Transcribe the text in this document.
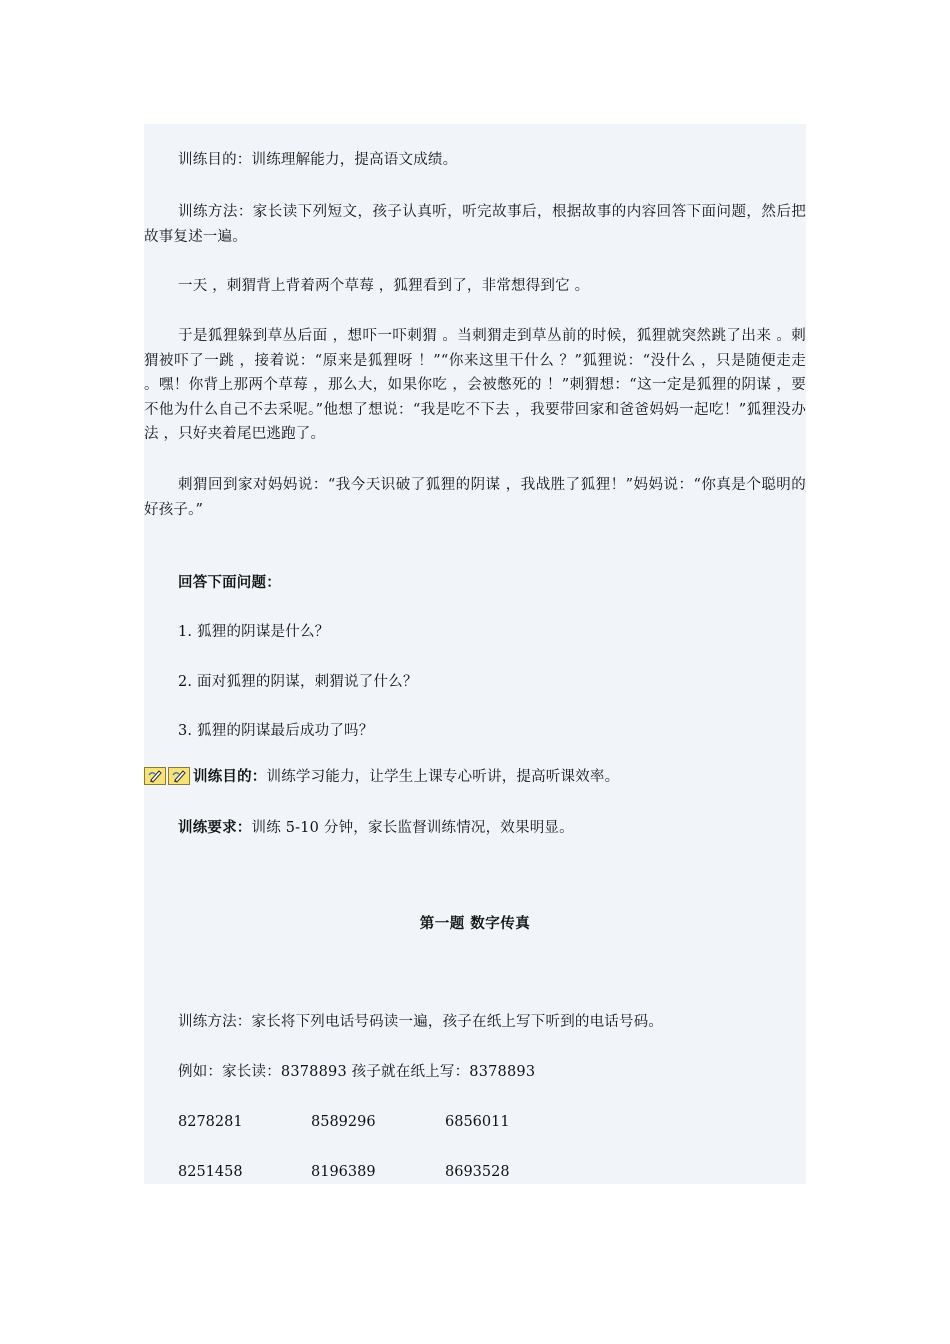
训练目的：训练理解能力，提高语文成绩。

训练方法：家长读下列短文，孩子认真听，听完故事后，根据故事的内容回答下面问题，然后把故事复述一遍。

一天 ，刺猬背上背着两个草莓 ，狐狸看到了，非常想得到它 。

于是狐狸躲到草丛后面 ，想吓一吓刺猬 。当刺猬走到草丛前的时候，狐狸就突然跳了出来 。刺猬被吓了一跳 ，接着说：“原来是狐狸呀 ！”“你来这里干什么 ？”狐狸说：“没什么 ，只是随便走走 。嘿！你背上那两个草莓 ，那么大，如果你吃 ，会被憋死的 ！”刺猬想：“这一定是狐狸的阴谋 ，要不他为什么自己不去采呢。”他想了想说：“我是吃不下去 ，我要带回家和爸爸妈妈一起吃！”狐狸没办法 ，只好夹着尾巴逃跑了。

刺猬回到家对妈妈说：“我今天识破了狐狸的阴谋 ，我战胜了狐狸！”妈妈说：“你真是个聪明的好孩子。”

回答下面问题：
1. 狐狸的阴谋是什么？
2. 面对狐狸的阴谋，刺猬说了什么？
3. 狐狸的阴谋最后成功了吗？
训练目的：训练学习能力，让学生上课专心听讲，提高听课效率。
训练要求：训练 5-10 分钟，家长监督训练情况，效果明显。
第一题 数字传真
训练方法：家长将下列电话号码读一遍，孩子在纸上写下听到的电话号码。
例如：家长读：8378893 孩子就在纸上写：8378893
8278281	8589296	6856011
8251458	8196389	8693528
